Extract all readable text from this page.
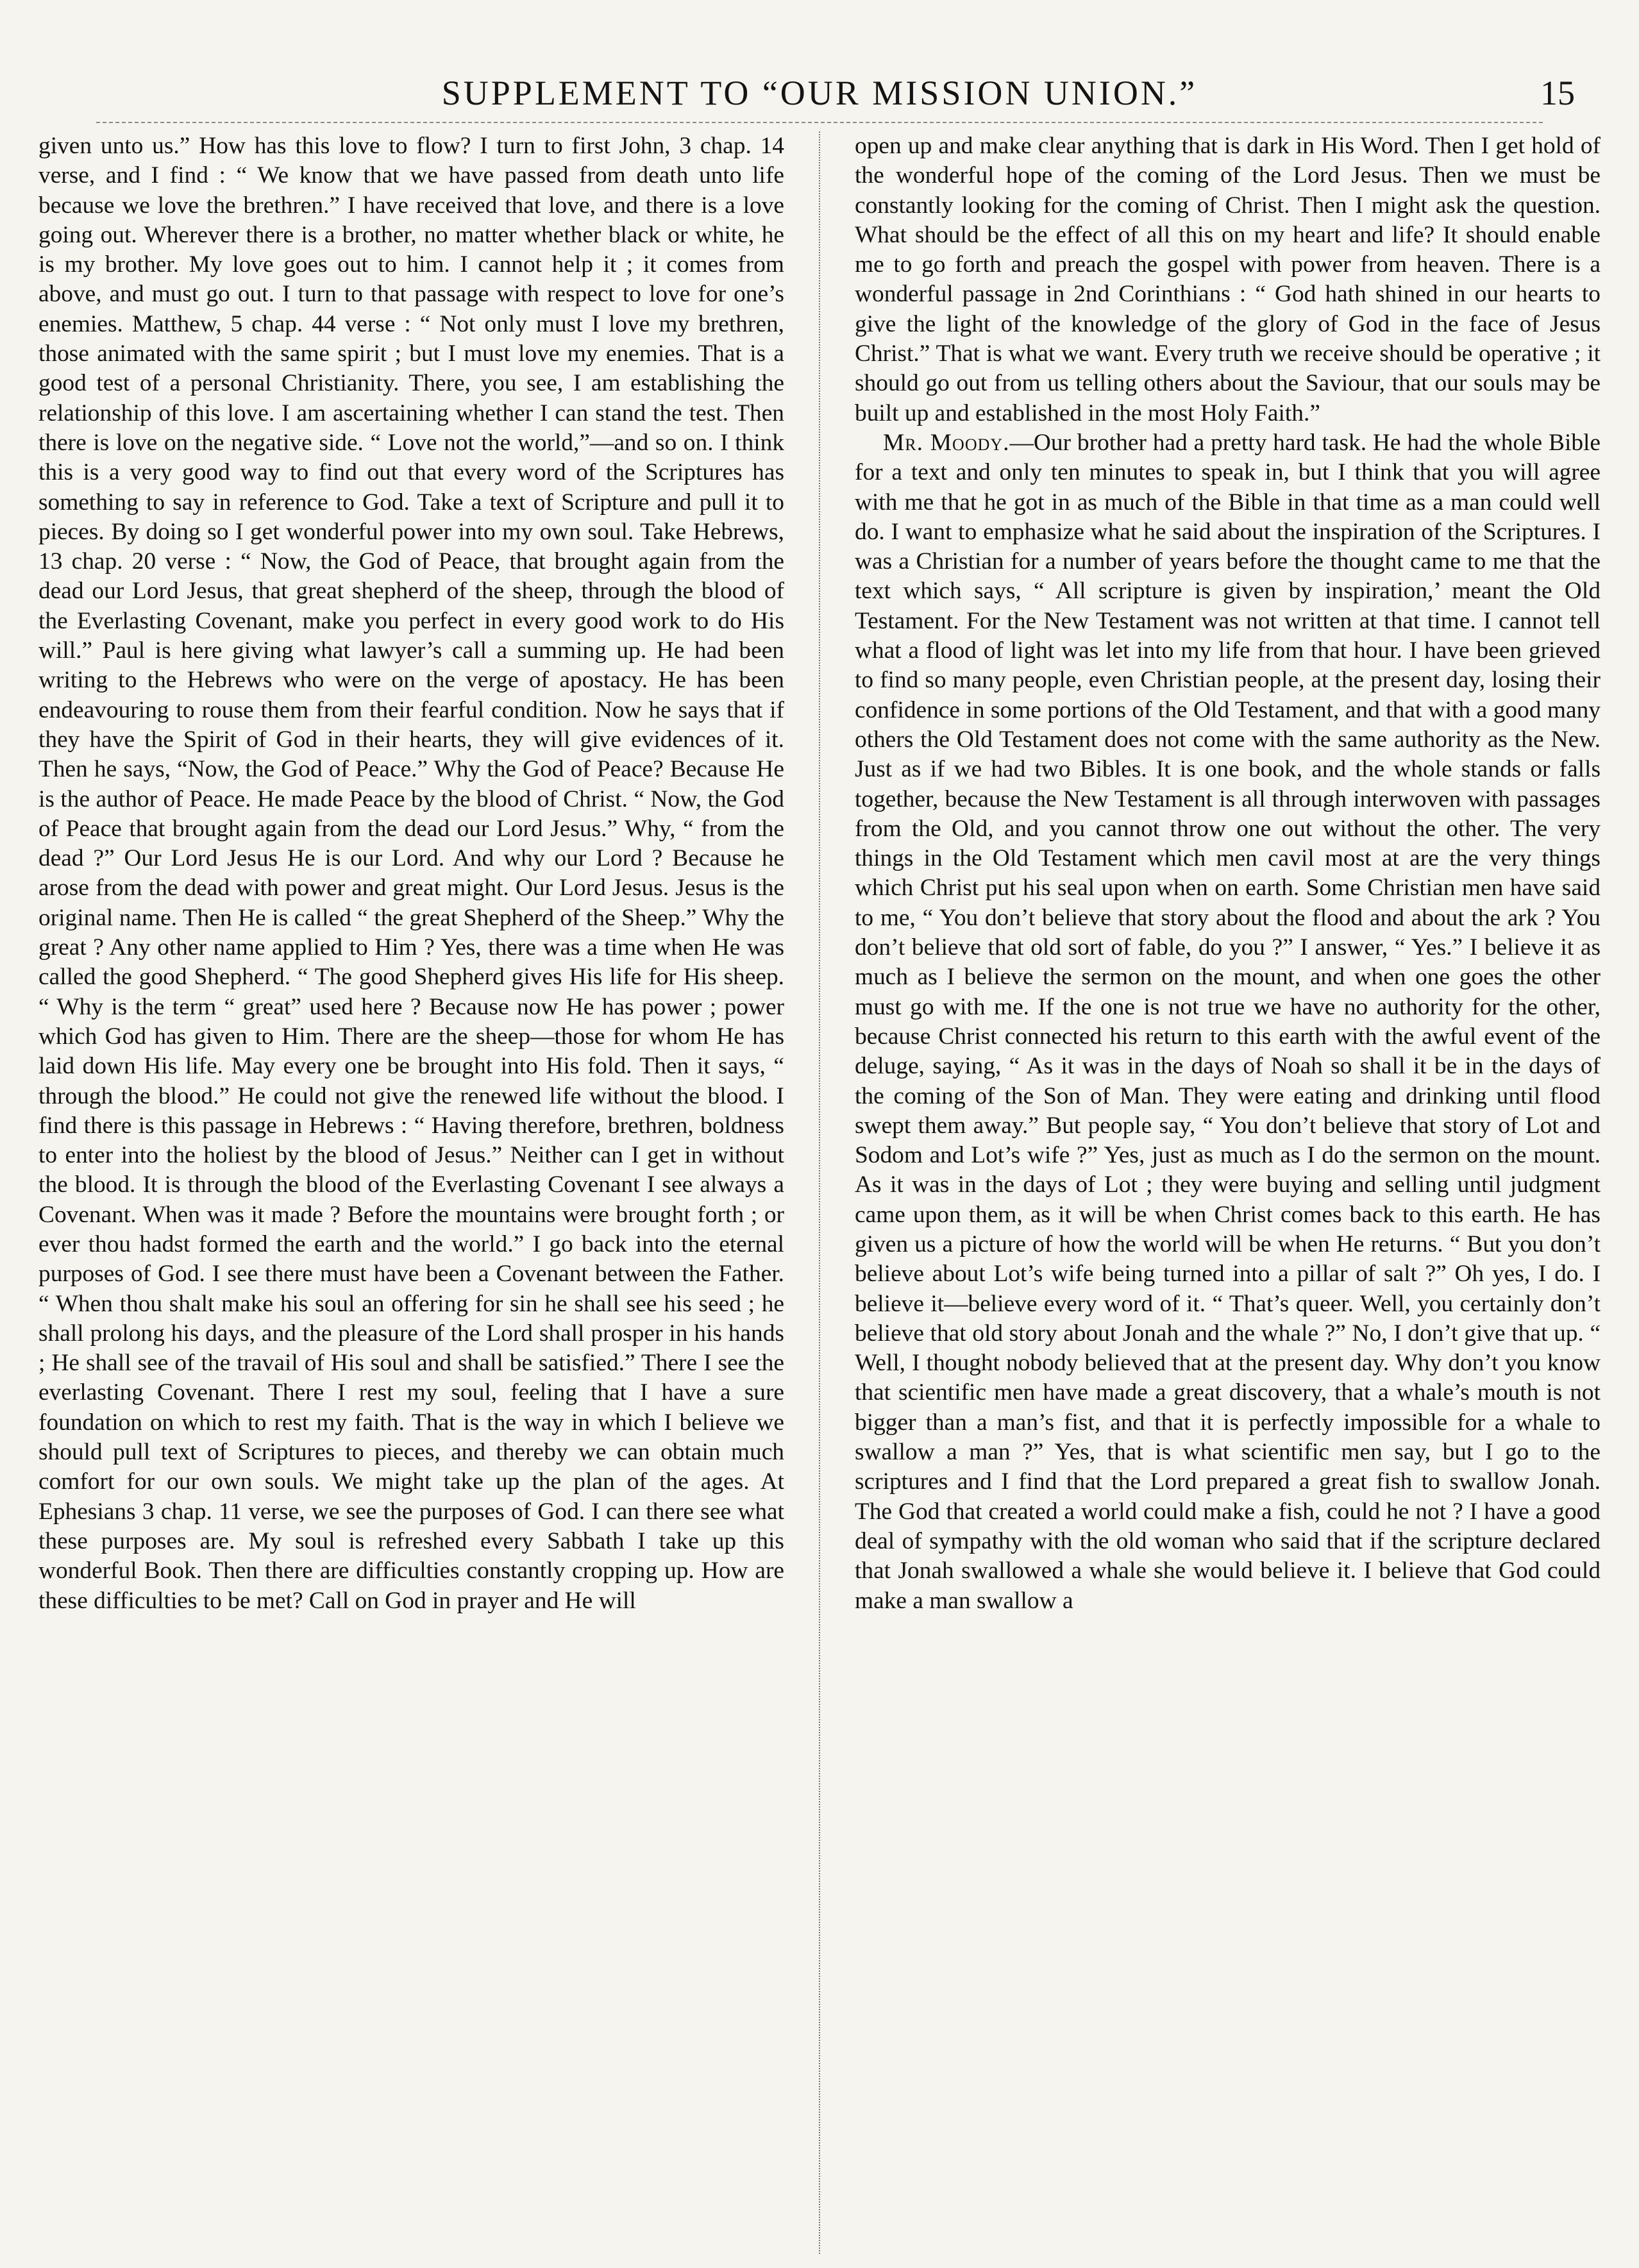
SUPPLEMENT TO “OUR MISSION UNION.”	15

given unto us.” How has this love to flow? I turn to first John, 3 chap. 14 verse, and I find : “ We know that we have passed from death unto life because we love the brethren.” I have received that love, and there is a love going out. Wherever there is a brother, no matter whether black or white, he is my brother. My love goes out to him. I cannot help it ; it comes from above, and must go out. I turn to that passage with respect to love for one’s enemies. Matthew, 5 chap. 44 verse : “ Not only must I love my brethren, those animated with the same spirit ; but I must love my enemies. That is a good test of a personal Christianity. There, you see, I am establishing the relationship of this love. I am ascertaining whether I can stand the test. Then there is love on the negative side. “ Love not the world,”—and so on. I think this is a very good way to find out that every word of the Scriptures has something to say in reference to God. Take a text of Scripture and pull it to pieces. By doing so I get wonderful power into my own soul. Take Hebrews, 13 chap. 20 verse : “ Now, the God of Peace, that brought again from the dead our Lord Jesus, that great shepherd of the sheep, through the blood of the Everlasting Covenant, make you perfect in every good work to do His will.” Paul is here giving what lawyer’s call a summing up. He had been writing to the Hebrews who were on the verge of apostacy. He has been endeavouring to rouse them from their fearful condition. Now he says that if they have the Spirit of God in their hearts, they will give evidences of it. Then he says, “Now, the God of Peace.” Why the God of Peace? Because He is the author of Peace. He made Peace by the blood of Christ. “ Now, the God of Peace that brought again from the dead our Lord Jesus.” Why, “ from the dead ?” Our Lord Jesus He is our Lord. And why our Lord ? Because he arose from the dead with power and great might. Our Lord Jesus. Jesus is the original name. Then He is called “ the great Shepherd of the Sheep.” Why the great ? Any other name applied to Him ? Yes, there was a time when He was called the good Shepherd. “ The good Shepherd gives His life for His sheep. “ Why is the term “ great” used here ? Because now He has power ; power which God has given to Him. There are the sheep—those for whom He has laid down His life. May every one be brought into His fold. Then it says, “ through the blood.” He could not give the renewed life without the blood. I find there is this passage in Hebrews : “ Having therefore, brethren, boldness to enter into the holiest by the blood of Jesus.” Neither can I get in without the blood. It is through the blood of the Everlasting Covenant I see always a Covenant. When was it made ? Before the mountains were brought forth ; or ever thou hadst formed the earth and the world.” I go back into the eternal purposes of God. I see there must have been a Covenant between the Father. “ When thou shalt make his soul an offering for sin he shall see his seed ; he shall prolong his days, and the pleasure of the Lord shall prosper in his hands ; He shall see of the travail of His soul and shall be satisfied.” There I see the everlasting Covenant. There I rest my soul, feeling that I have a sure foundation on which to rest my faith. That is the way in which I believe we should pull text of Scriptures to pieces, and thereby we can obtain much comfort for our own souls. We might take up the plan of the ages. At Ephesians 3 chap. 11 verse, we see the purposes of God. I can there see what these purposes are. My soul is refreshed every Sabbath I take up this wonderful Book. Then there are difficulties constantly cropping up. How are these difficulties to be met? Call on God in prayer and He will

open up and make clear anything that is dark in His Word. Then I get hold of the wonderful hope of the coming of the Lord Jesus. Then we must be constantly looking for the coming of Christ. Then I might ask the question. What should be the effect of all this on my heart and life? It should enable me to go forth and preach the gospel with power from heaven. There is a wonderful passage in 2nd Corinthians : “ God hath shined in our hearts to give the light of the knowledge of the glory of God in the face of Jesus Christ.” That is what we want. Every truth we receive should be operative ; it should go out from us telling others about the Saviour, that our souls may be built up and established in the most Holy Faith.”

Mr. Moody.—Our brother had a pretty hard task. He had the whole Bible for a text and only ten minutes to speak in, but I think that you will agree with me that he got in as much of the Bible in that time as a man could well do. I want to emphasize what he said about the inspiration of the Scriptures. I was a Christian for a number of years before the thought came to me that the text which says, “ All scripture is given by inspiration,’ meant the Old Testament. For the New Testament was not written at that time. I cannot tell what a flood of light was let into my life from that hour. I have been grieved to find so many people, even Christian people, at the present day, losing their confidence in some portions of the Old Testament, and that with a good many others the Old Testament does not come with the same authority as the New. Just as if we had two Bibles. It is one book, and the whole stands or falls together, because the New Testament is all through interwoven with passages from the Old, and you cannot throw one out without the other. The very things in the Old Testament which men cavil most at are the very things which Christ put his seal upon when on earth. Some Christian men have said to me, “ You don’t believe that story about the flood and about the ark ? You don’t believe that old sort of fable, do you ?” I answer, “ Yes.” I believe it as much as I believe the sermon on the mount, and when one goes the other must go with me. If the one is not true we have no authority for the other, because Christ connected his return to this earth with the awful event of the deluge, saying, “ As it was in the days of Noah so shall it be in the days of the coming of the Son of Man. They were eating and drinking until flood swept them away.” But people say, “ You don’t believe that story of Lot and Sodom and Lot’s wife ?” Yes, just as much as I do the sermon on the mount. As it was in the days of Lot ; they were buying and selling until judgment came upon them, as it will be when Christ comes back to this earth. He has given us a picture of how the world will be when He returns. “ But you don’t believe about Lot’s wife being turned into a pillar of salt ?” Oh yes, I do. I believe it—believe every word of it. “ That’s queer. Well, you certainly don’t believe that old story about Jonah and the whale ?” No, I don’t give that up. “ Well, I thought nobody believed that at the present day. Why don’t you know that scientific men have made a great discovery, that a whale’s mouth is not bigger than a man’s fist, and that it is perfectly impossible for a whale to swallow a man ?” Yes, that is what scientific men say, but I go to the scriptures and I find that the Lord prepared a great fish to swallow Jonah. The God that created a world could make a fish, could he not ? I have a good deal of sympathy with the old woman who said that if the scripture declared that Jonah swallowed a whale she would believe it. I believe that God could make a man swallow a
